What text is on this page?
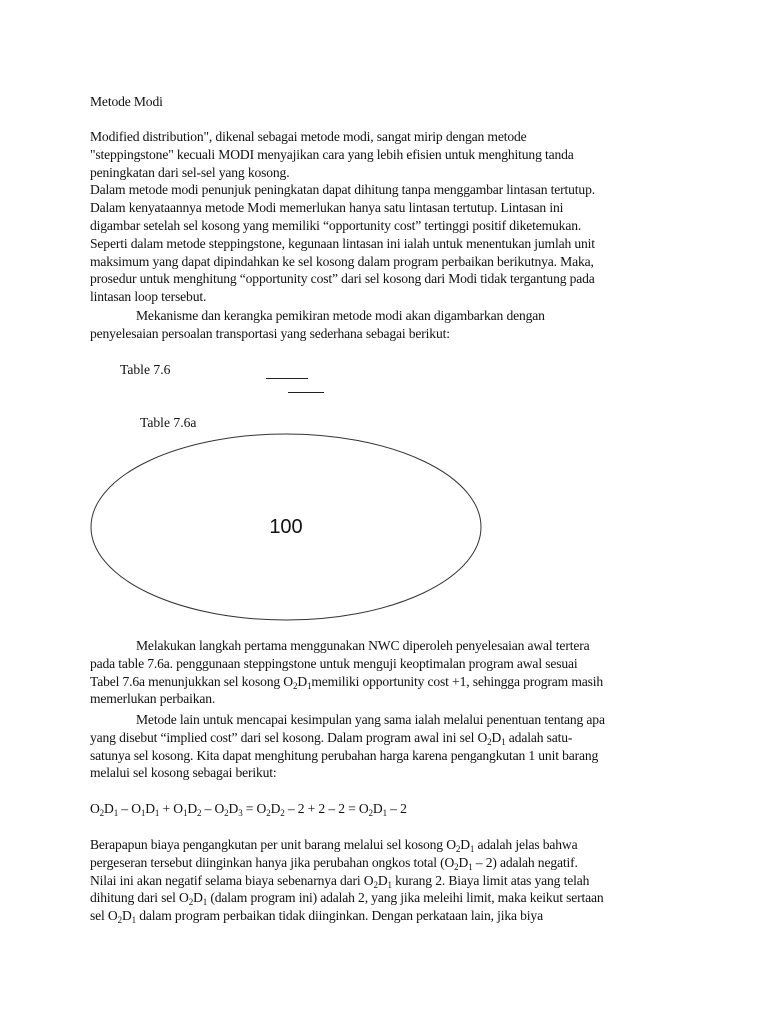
Metode Modi

Modified distribution", dikenal sebagai metode modi, sangat mirip dengan metode
"steppingstone" kecuali MODI menyajikan cara yang lebih efisien untuk menghitung tanda
peningkatan dari sel-sel yang kosong.
Dalam metode modi penunjuk peningkatan dapat dihitung tanpa menggambar lintasan tertutup.
Dalam kenyataannya metode Modi memerlukan hanya satu lintasan tertutup. Lintasan ini
digambar setelah sel kosong yang memiliki “opportunity cost” tertinggi positif diketemukan.
Seperti dalam metode steppingstone, kegunaan lintasan ini ialah untuk menentukan jumlah unit
maksimum yang dapat dipindahkan ke sel kosong dalam program perbaikan berikutnya. Maka,
prosedur untuk menghitung “opportunity cost” dari sel kosong dari Modi tidak tergantung pada
lintasan loop tersebut.
Mekanisme dan kerangka pemikiran metode modi akan digambarkan dengan
penyelesaian persoalan transportasi yang sederhana sebagai berikut:
Table 7.6
Table 7.6a
100
Melakukan langkah pertama menggunakan NWC diperoleh penyelesaian awal tertera
pada table 7.6a. penggunaan steppingstone untuk menguji keoptimalan program awal sesuai
Tabel 7.6a menunjukkan sel kosong $O_2D_1memiliki$ opportunity cost +1, sehingga program masih
memerlukan perbaikan.
Metode lain untuk mencapai kesimpulan yang sama ialah melalui penentuan tentang apa
yang disebut “implied cost” dari sel kosong. Dalam program awal ini sel $O_2D_1$ adalah satu-
satunya sel kosong. Kita dapat menghitung perubahan harga karena pengangkutan 1 unit barang
melalui sel kosong sebagai berikut:
$O_2D_1 - O_1D_1 + O_1D_2 - O_2D_3 = O_2D_2 - 2 + 2 - 2 = O_2D_1 - 2$
Berapapun biaya pengangkutan per unit barang melalui sel kosong $O_2D_1$ adalah jelas bahwa
pergeseran tersebut diinginkan hanya jika perubahan ongkos total $(O_2D_1 - 2)$ adalah negatif.
Nilai ini akan negatif selama biaya sebenarnya dari $O_2D_1$ kurang 2. Biaya limit atas yang telah
dihitung dari sel $O_2D_1$ (dalam program ini) adalah 2, yang jika meleihi limit, maka keikut sertaan
sel $O_2D_1$ dalam program perbaikan tidak diinginkan. Dengan perkataan lain, jika biya
